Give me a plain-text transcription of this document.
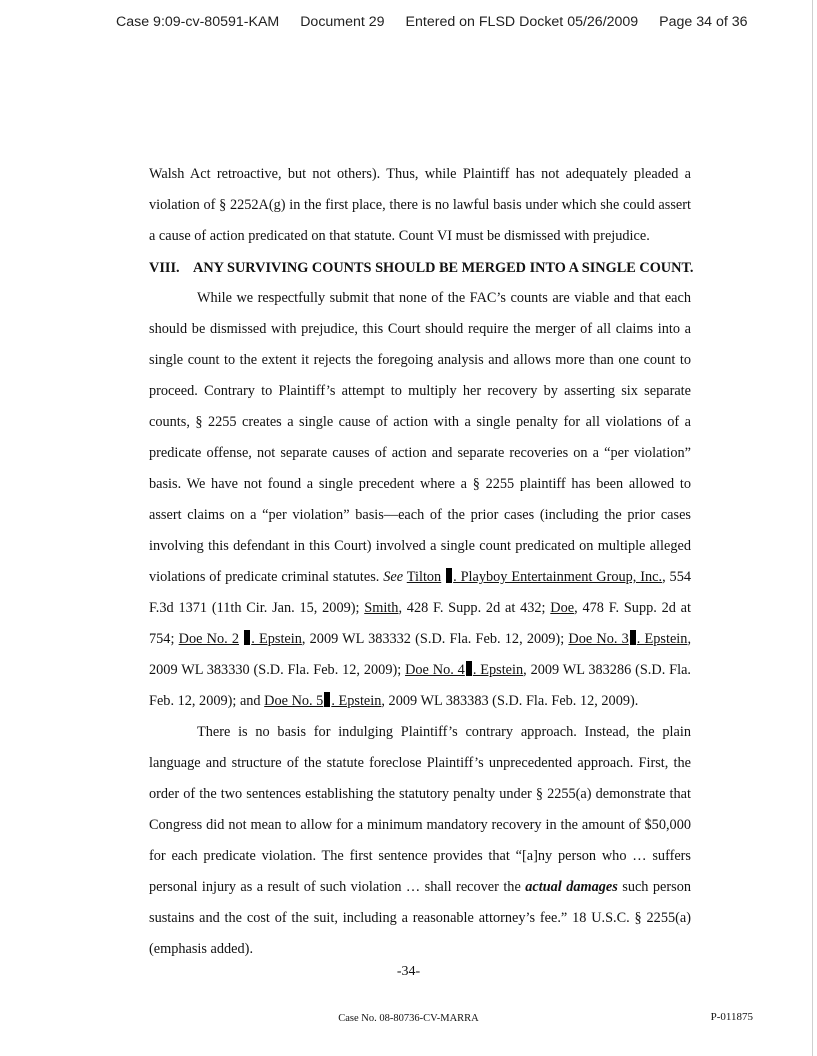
Case 9:09-cv-80591-KAM Document 29 Entered on FLSD Docket 05/26/2009 Page 34 of 36

Walsh Act retroactive, but not others). Thus, while Plaintiff has not adequately pleaded a violation of § 2252A(g) in the first place, there is no lawful basis under which she could assert a cause of action predicated on that statute. Count VI must be dismissed with prejudice.

VIII. ANY SURVIVING COUNTS SHOULD BE MERGED INTO A SINGLE COUNT.

While we respectfully submit that none of the FAC’s counts are viable and that each should be dismissed with prejudice, this Court should require the merger of all claims into a single count to the extent it rejects the foregoing analysis and allows more than one count to proceed. Contrary to Plaintiff’s attempt to multiply her recovery by asserting six separate counts, § 2255 creates a single cause of action with a single penalty for all violations of a predicate offense, not separate causes of action and separate recoveries on a “per violation” basis. We have not found a single precedent where a § 2255 plaintiff has been allowed to assert claims on a “per violation” basis—each of the prior cases (including the prior cases involving this defendant in this Court) involved a single count predicated on multiple alleged violations of predicate criminal statutes. See Tilton . Playboy Entertainment Group, Inc., 554 F.3d 1371 (11th Cir. Jan. 15, 2009); Smith, 428 F. Supp. 2d at 432; Doe, 478 F. Supp. 2d at 754; Doe No. 2 . Epstein, 2009 WL 383332 (S.D. Fla. Feb. 12, 2009); Doe No. 3 . Epstein, 2009 WL 383330 (S.D. Fla. Feb. 12, 2009); Doe No. 4 . Epstein, 2009 WL 383286 (S.D. Fla. Feb. 12, 2009); and Doe No. 5 . Epstein, 2009 WL 383383 (S.D. Fla. Feb. 12, 2009).

There is no basis for indulging Plaintiff’s contrary approach. Instead, the plain language and structure of the statute foreclose Plaintiff’s unprecedented approach. First, the order of the two sentences establishing the statutory penalty under § 2255(a) demonstrate that Congress did not mean to allow for a minimum mandatory recovery in the amount of $50,000 for each predicate violation. The first sentence provides that “[a]ny person who … suffers personal injury as a result of such violation … shall recover the actual damages such person sustains and the cost of the suit, including a reasonable attorney’s fee.” 18 U.S.C. § 2255(a) (emphasis added).

-34-
Case No. 08-80736-CV-MARRA	P-011875
